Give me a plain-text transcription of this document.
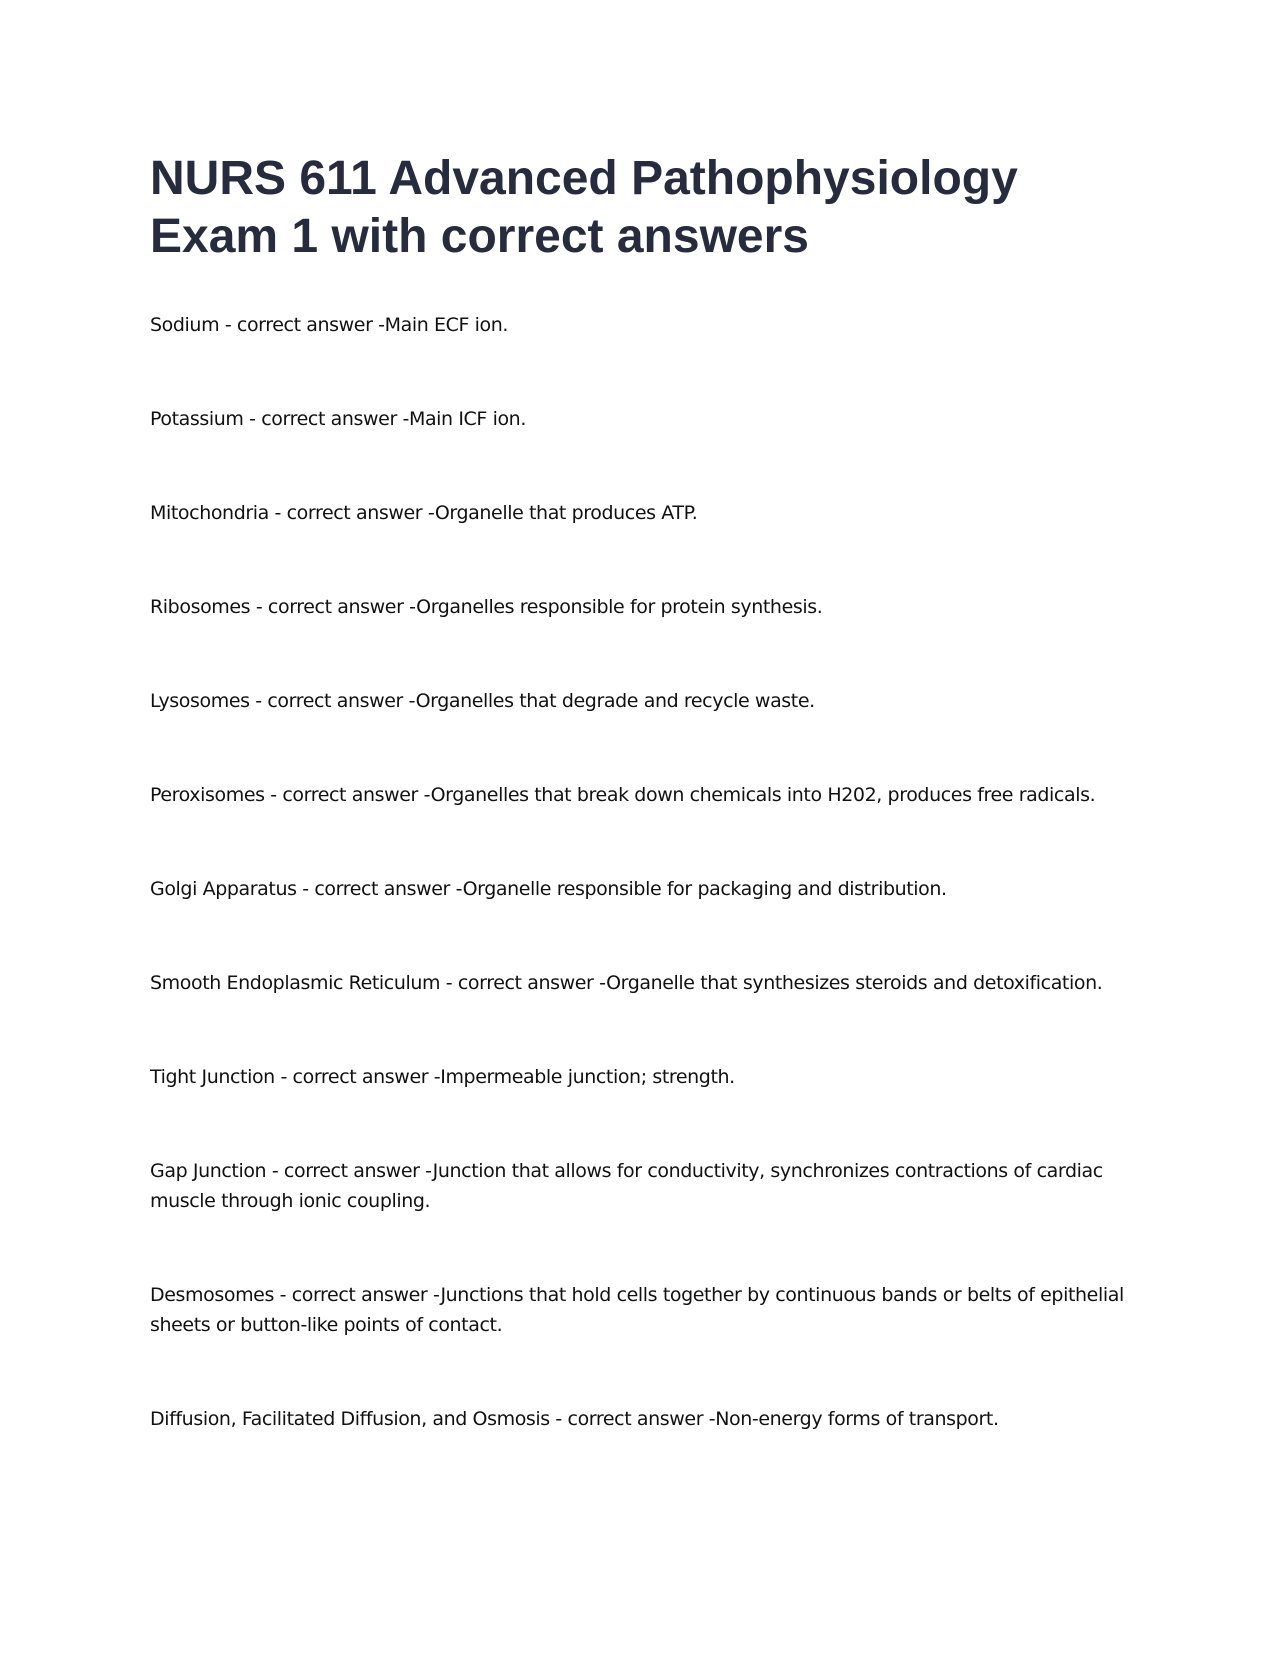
NURS 611 Advanced Pathophysiology Exam 1 with correct answers
Sodium - correct answer -Main ECF ion.
Potassium - correct answer -Main ICF ion.
Mitochondria - correct answer -Organelle that produces ATP.
Ribosomes - correct answer -Organelles responsible for protein synthesis.
Lysosomes - correct answer -Organelles that degrade and recycle waste.
Peroxisomes - correct answer -Organelles that break down chemicals into H202, produces free radicals.
Golgi Apparatus - correct answer -Organelle responsible for packaging and distribution.
Smooth Endoplasmic Reticulum - correct answer -Organelle that synthesizes steroids and detoxification.
Tight Junction - correct answer -Impermeable junction; strength.
Gap Junction - correct answer -Junction that allows for conductivity, synchronizes contractions of cardiac muscle through ionic coupling.
Desmosomes - correct answer -Junctions that hold cells together by continuous bands or belts of epithelial sheets or button-like points of contact.
Diffusion, Facilitated Diffusion, and Osmosis - correct answer -Non-energy forms of transport.
